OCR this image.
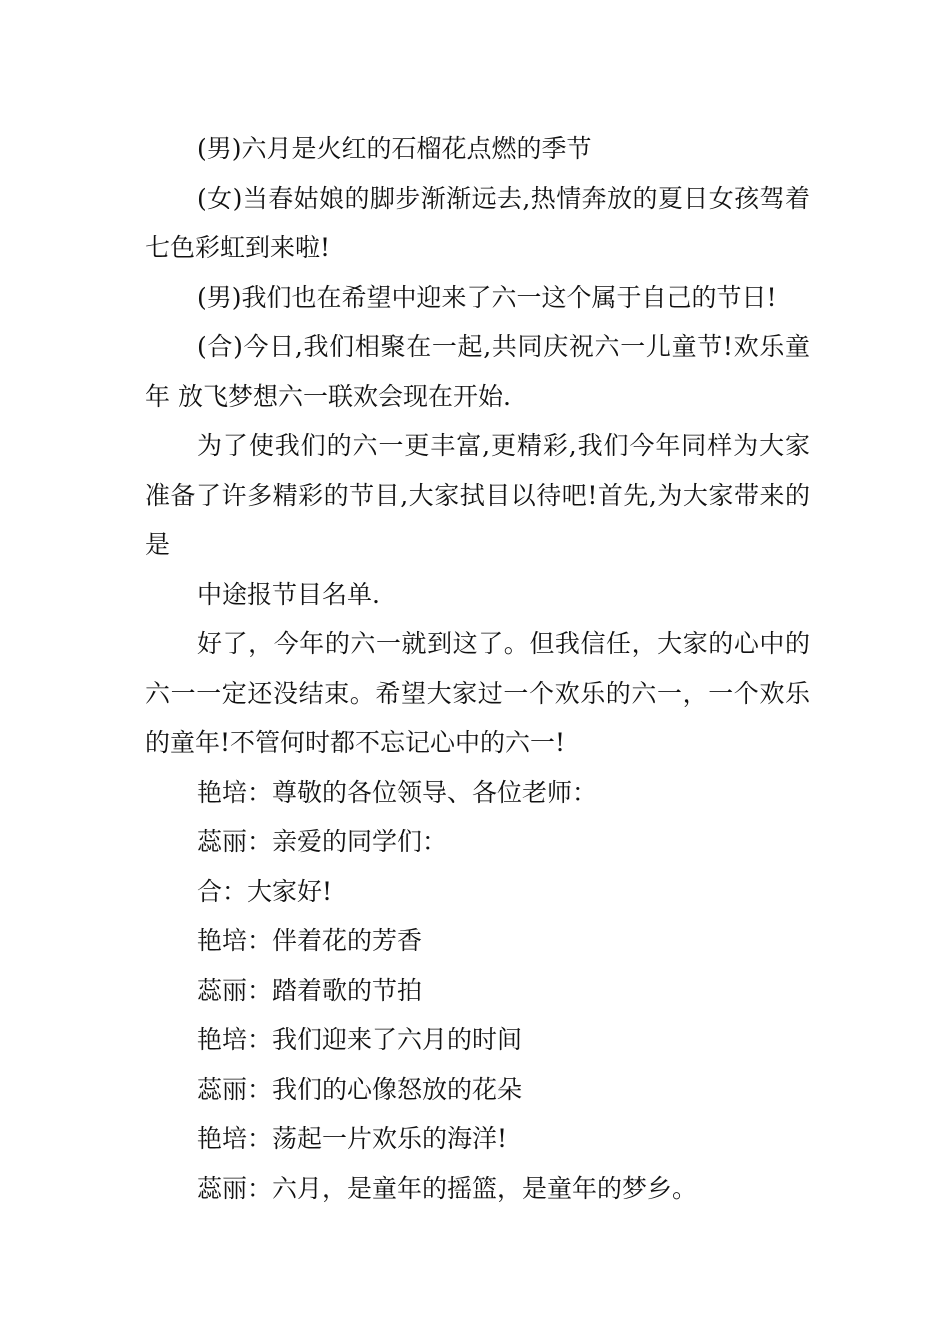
(男)六月是火红的石榴花点燃的季节

(女)当春姑娘的脚步渐渐远去,热情奔放的夏日女孩驾着七色彩虹到来啦!

(男)我们也在希望中迎来了六一这个属于自己的节日!

(合)今日,我们相聚在一起,共同庆祝六一儿童节!欢乐童年 放飞梦想六一联欢会现在开始.

为了使我们的六一更丰富,更精彩,我们今年同样为大家准备了许多精彩的节目,大家拭目以待吧!首先,为大家带来的是

中途报节目名单.

好了，今年的六一就到这了。但我信任，大家的心中的六一一定还没结束。希望大家过一个欢乐的六一，一个欢乐的童年!不管何时都不忘记心中的六一!

艳培：尊敬的各位领导、各位老师：

蕊丽：亲爱的同学们：

合：大家好!

艳培：伴着花的芳香

蕊丽：踏着歌的节拍

艳培：我们迎来了六月的时间

蕊丽：我们的心像怒放的花朵

艳培：荡起一片欢乐的海洋!

蕊丽：六月，是童年的摇篮，是童年的梦乡。
